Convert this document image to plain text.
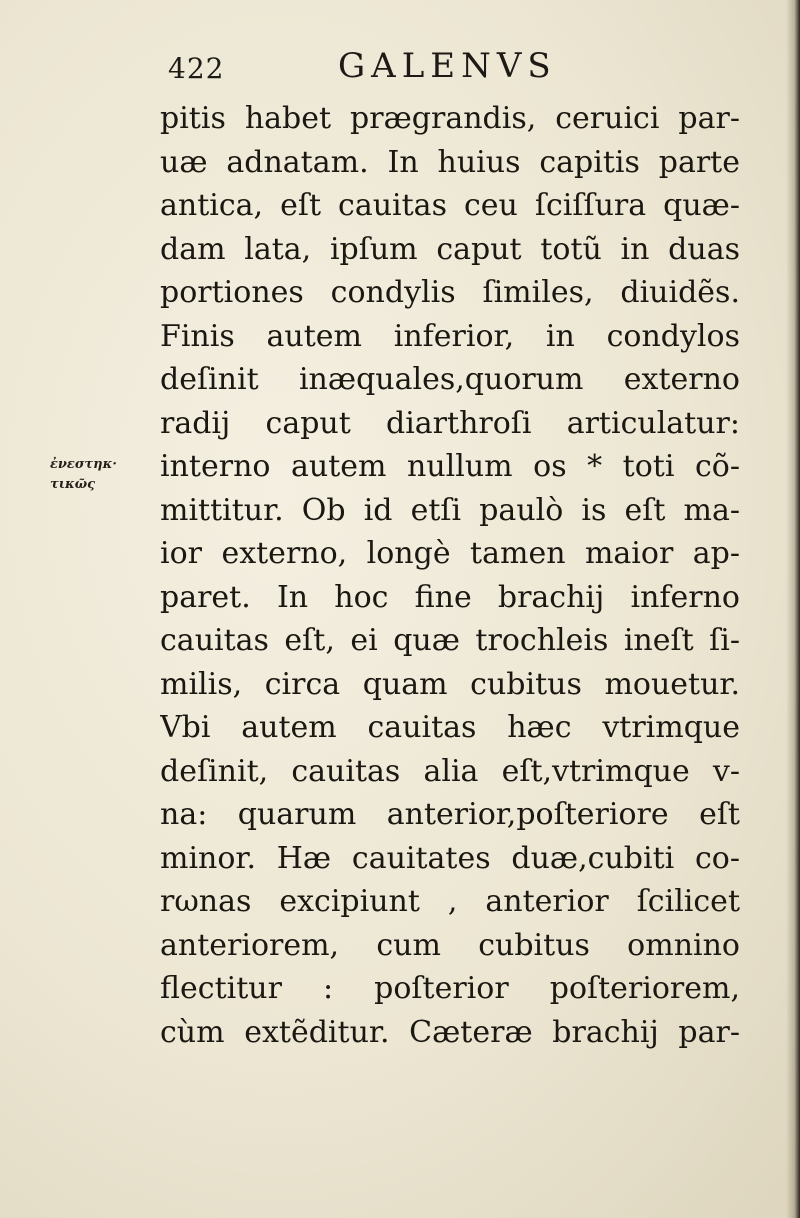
422	GALENVS
ἐνεστηκ·
τικῶς
pitis habet prægrandis, ceruici par-
uæ adnatam. In huius capitis parte
antica, eſt cauitas ceu ſciſſura quæ-
dam lata, ipſum caput totũ in duas
portiones condylis ſimiles, diuidẽs.
Finis autem inferior, in condylos
deſinit inæquales,quorum externo
radij caput diarthroſi articulatur:
interno autem nullum os * toti cõ-
mittitur. Ob id etſi paulò is eſt ma-
ior externo, longè tamen maior ap-
paret. In hoc fine brachij inferno
cauitas eſt, ei quæ trochleis ineſt ſi-
milis, circa quam cubitus mouetur.
Vbi autem cauitas hæc vtrimque
deſinit, cauitas alia eſt,vtrimque v-
na: quarum anterior,poſteriore eſt
minor. Hæ cauitates duæ,cubiti co-
rωnas excipiunt , anterior ſcilicet
anteriorem, cum cubitus omnino
flectitur : poſterior poſteriorem,
cùm extẽditur. Cæteræ brachij par-
